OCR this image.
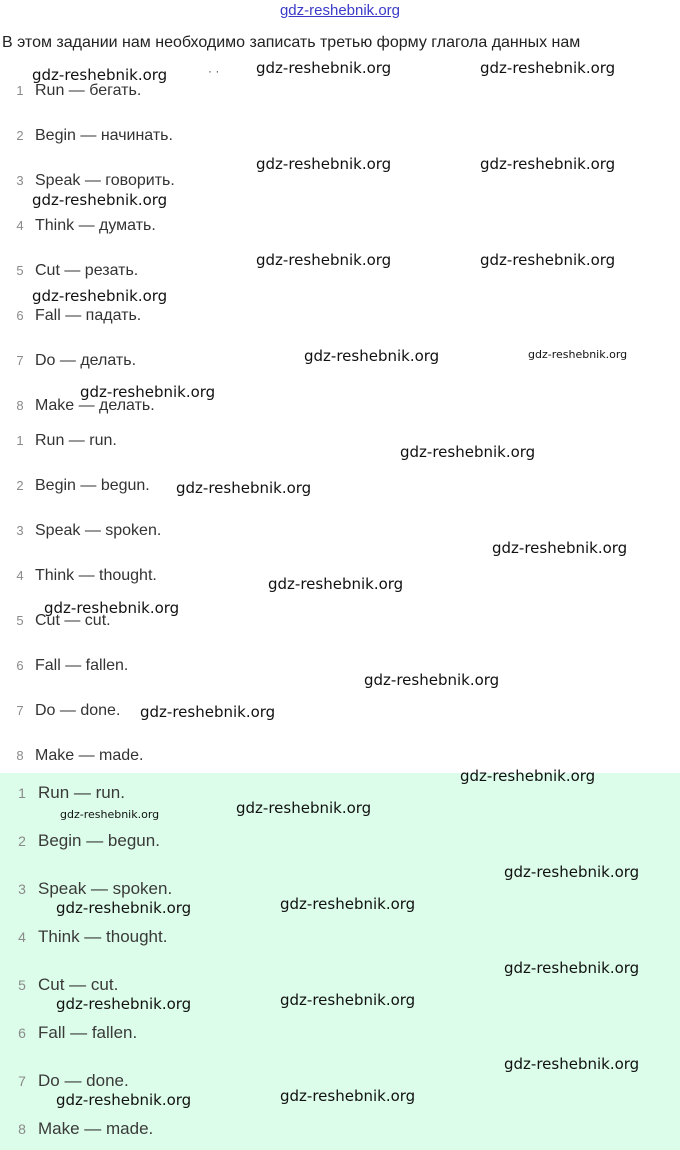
gdz-reshebnik.org
В этом задании нам необходимо записать третью форму глагола данных нам
· ·
1 Run — бегать.
2 Begin — начинать.
3 Speak — говорить.
4 Think — думать.
5 Cut — резать.
6 Fall — падать.
7 Do — делать.
8 Make — делать.
1 Run — run.
2 Begin — begun.
3 Speak — spoken.
4 Think — thought.
5 Cut — cut.
6 Fall — fallen.
7 Do — done.
8 Make — made.
1 Run — run.
2 Begin — begun.
3 Speak — spoken.
4 Think — thought.
5 Cut — cut.
6 Fall — fallen.
7 Do — done.
8 Make — made.
gdz-reshebnik.org	gdz-reshebnik.org	gdz-reshebnik.org
gdz-reshebnik.org	gdz-reshebnik.org
gdz-reshebnik.org
gdz-reshebnik.org	gdz-reshebnik.org
gdz-reshebnik.org
gdz-reshebnik.org	gdz-reshebnik.org
gdz-reshebnik.org
gdz-reshebnik.org
gdz-reshebnik.org
gdz-reshebnik.org
gdz-reshebnik.org
gdz-reshebnik.org
gdz-reshebnik.org
gdz-reshebnik.org
gdz-reshebnik.org
gdz-reshebnik.org	gdz-reshebnik.org
gdz-reshebnik.org
gdz-reshebnik.org	gdz-reshebnik.org
gdz-reshebnik.org
gdz-reshebnik.org	gdz-reshebnik.org
gdz-reshebnik.org
gdz-reshebnik.org	gdz-reshebnik.org
